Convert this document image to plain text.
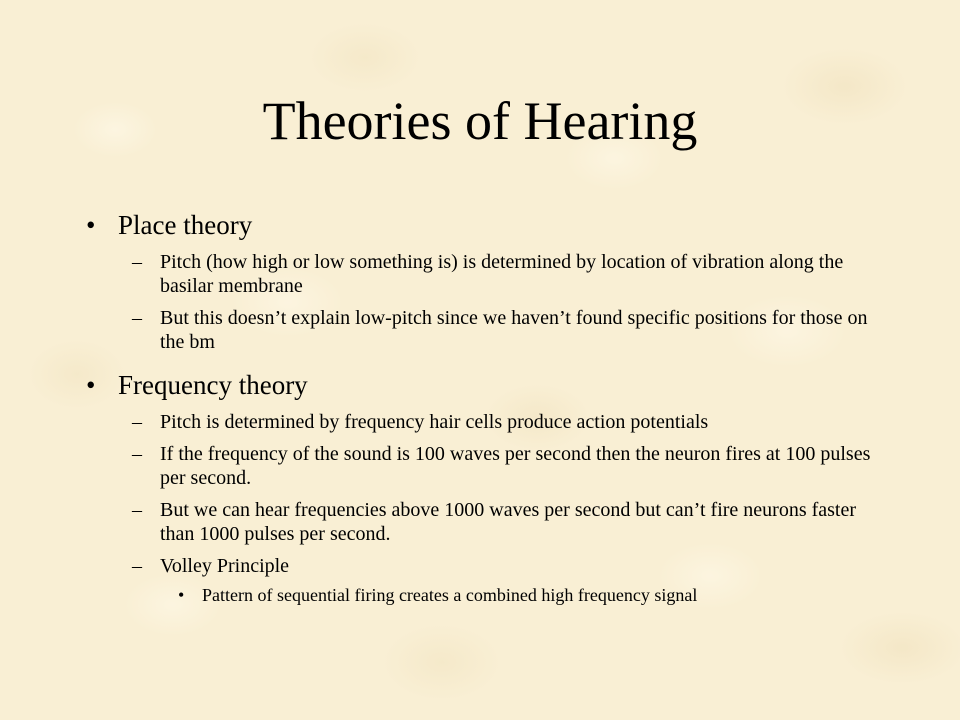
Theories of Hearing
• Place theory
– Pitch (how high or low something is) is determined by location of vibration along the basilar membrane
– But this doesn’t explain low-pitch since we haven’t found specific positions for those on the bm
• Frequency theory
– Pitch is determined by frequency hair cells produce action potentials
– If the frequency of the sound is 100 waves per second then the neuron fires at 100 pulses per second.
– But we can hear frequencies above 1000 waves per second but can’t fire neurons faster than 1000 pulses per second.
– Volley Principle
• Pattern of sequential firing creates a combined high frequency signal
